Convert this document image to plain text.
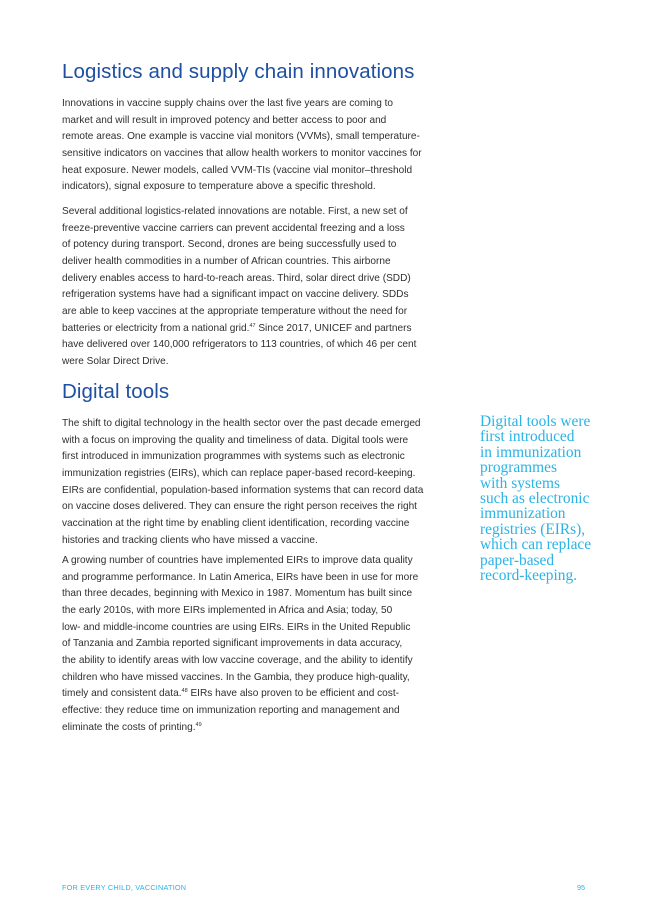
Logistics and supply chain innovations

Innovations in vaccine supply chains over the last five years are coming to
market and will result in improved potency and better access to poor and
remote areas. One example is vaccine vial monitors (VVMs), small temperature-
sensitive indicators on vaccines that allow health workers to monitor vaccines for
heat exposure. Newer models, called VVM-TIs (vaccine vial monitor–threshold
indicators), signal exposure to temperature above a specific threshold.

Several additional logistics-related innovations are notable. First, a new set of
freeze-preventive vaccine carriers can prevent accidental freezing and a loss
of potency during transport. Second, drones are being successfully used to
deliver health commodities in a number of African countries. This airborne
delivery enables access to hard-to-reach areas. Third, solar direct drive (SDD)
refrigeration systems have had a significant impact on vaccine delivery. SDDs
are able to keep vaccines at the appropriate temperature without the need for
batteries or electricity from a national grid.$^{47}$ Since 2017, UNICEF and partners
have delivered over 140,000 refrigerators to 113 countries, of which 46 per cent
were Solar Direct Drive.

Digital tools

The shift to digital technology in the health sector over the past decade emerged
with a focus on improving the quality and timeliness of data. Digital tools were
first introduced in immunization programmes with systems such as electronic
immunization registries (EIRs), which can replace paper-based record-keeping.
EIRs are confidential, population-based information systems that can record data
on vaccine doses delivered. They can ensure the right person receives the right
vaccination at the right time by enabling client identification, recording vaccine
histories and tracking clients who have missed a vaccine.

A growing number of countries have implemented EIRs to improve data quality
and programme performance. In Latin America, EIRs have been in use for more
than three decades, beginning with Mexico in 1987. Momentum has built since
the early 2010s, with more EIRs implemented in Africa and Asia; today, 50
low- and middle-income countries are using EIRs. EIRs in the United Republic
of Tanzania and Zambia reported significant improvements in data accuracy,
the ability to identify areas with low vaccine coverage, and the ability to identify
children who have missed vaccines. In the Gambia, they produce high-quality,
timely and consistent data.$^{48}$ EIRs have also proven to be efficient and cost-
effective: they reduce time on immunization reporting and management and
eliminate the costs of printing.$^{49}$

Digital tools were
first introduced
in immunization
programmes
with systems
such as electronic
immunization
registries (EIRs),
which can replace
paper-based
record-keeping.

FOR EVERY CHILD, VACCINATION	95
